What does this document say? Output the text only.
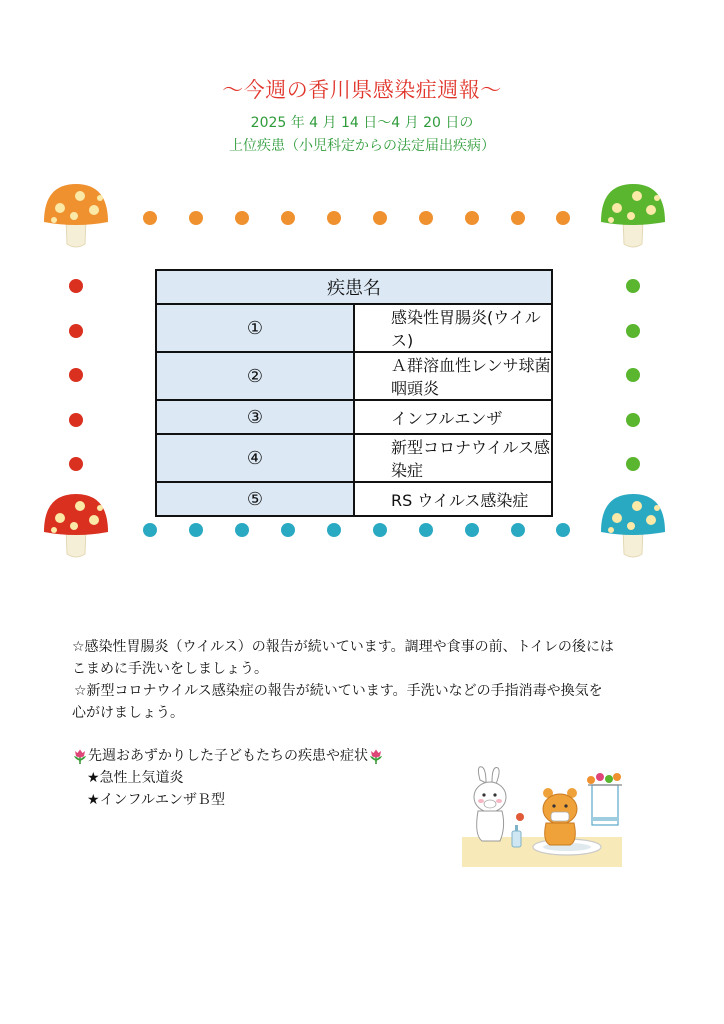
～今週の香川県感染症週報～
2025 年 4 月 14 日～4 月 20 日の
上位疾患（小児科定からの法定届出疾病）
疾患名	
①	感染性胃腸炎(ウイルス)
②	Ａ群溶血性レンサ球菌咽頭炎
③	インフルエンザ
④	新型コロナウイルス感染症
⑤	RS ウイルス感染症

☆感染性胃腸炎（ウイルス）の報告が続いています。調理や食事の前、トイレの後には

こまめに手洗いをしましょう。

☆新型コロナウイルス感染症の報告が続いています。手洗いなどの手指消毒や換気を

心がけましょう。

先週おあずかりした子どもたちの疾患や症状
★ 急性上気道炎
★ インフルエンザＢ型
